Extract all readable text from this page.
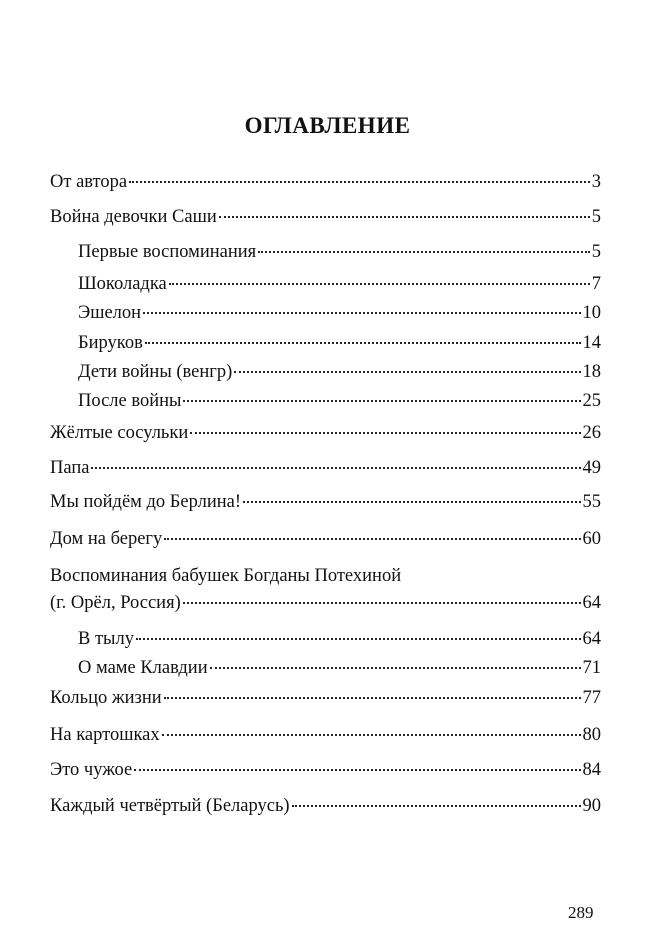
ОГЛАВЛЕНИЕ
От автора	3
Война девочки Саши	5
Первые воспоминания	5
Шоколадка	7
Эшелон	10
Бируков	14
Дети войны (венгр)	18
После войны	25
Жёлтые сосульки	26
Папа	49
Мы пойдём до Берлина!	55
Дом на берегу	60
Воспоминания бабушек Богданы Потехиной
(г. Орёл, Россия)	64
В тылу	64
О маме Клавдии	71
Кольцо жизни	77
На картошках	80
Это чужое	84
Каждый четвёртый (Беларусь)	90
289
